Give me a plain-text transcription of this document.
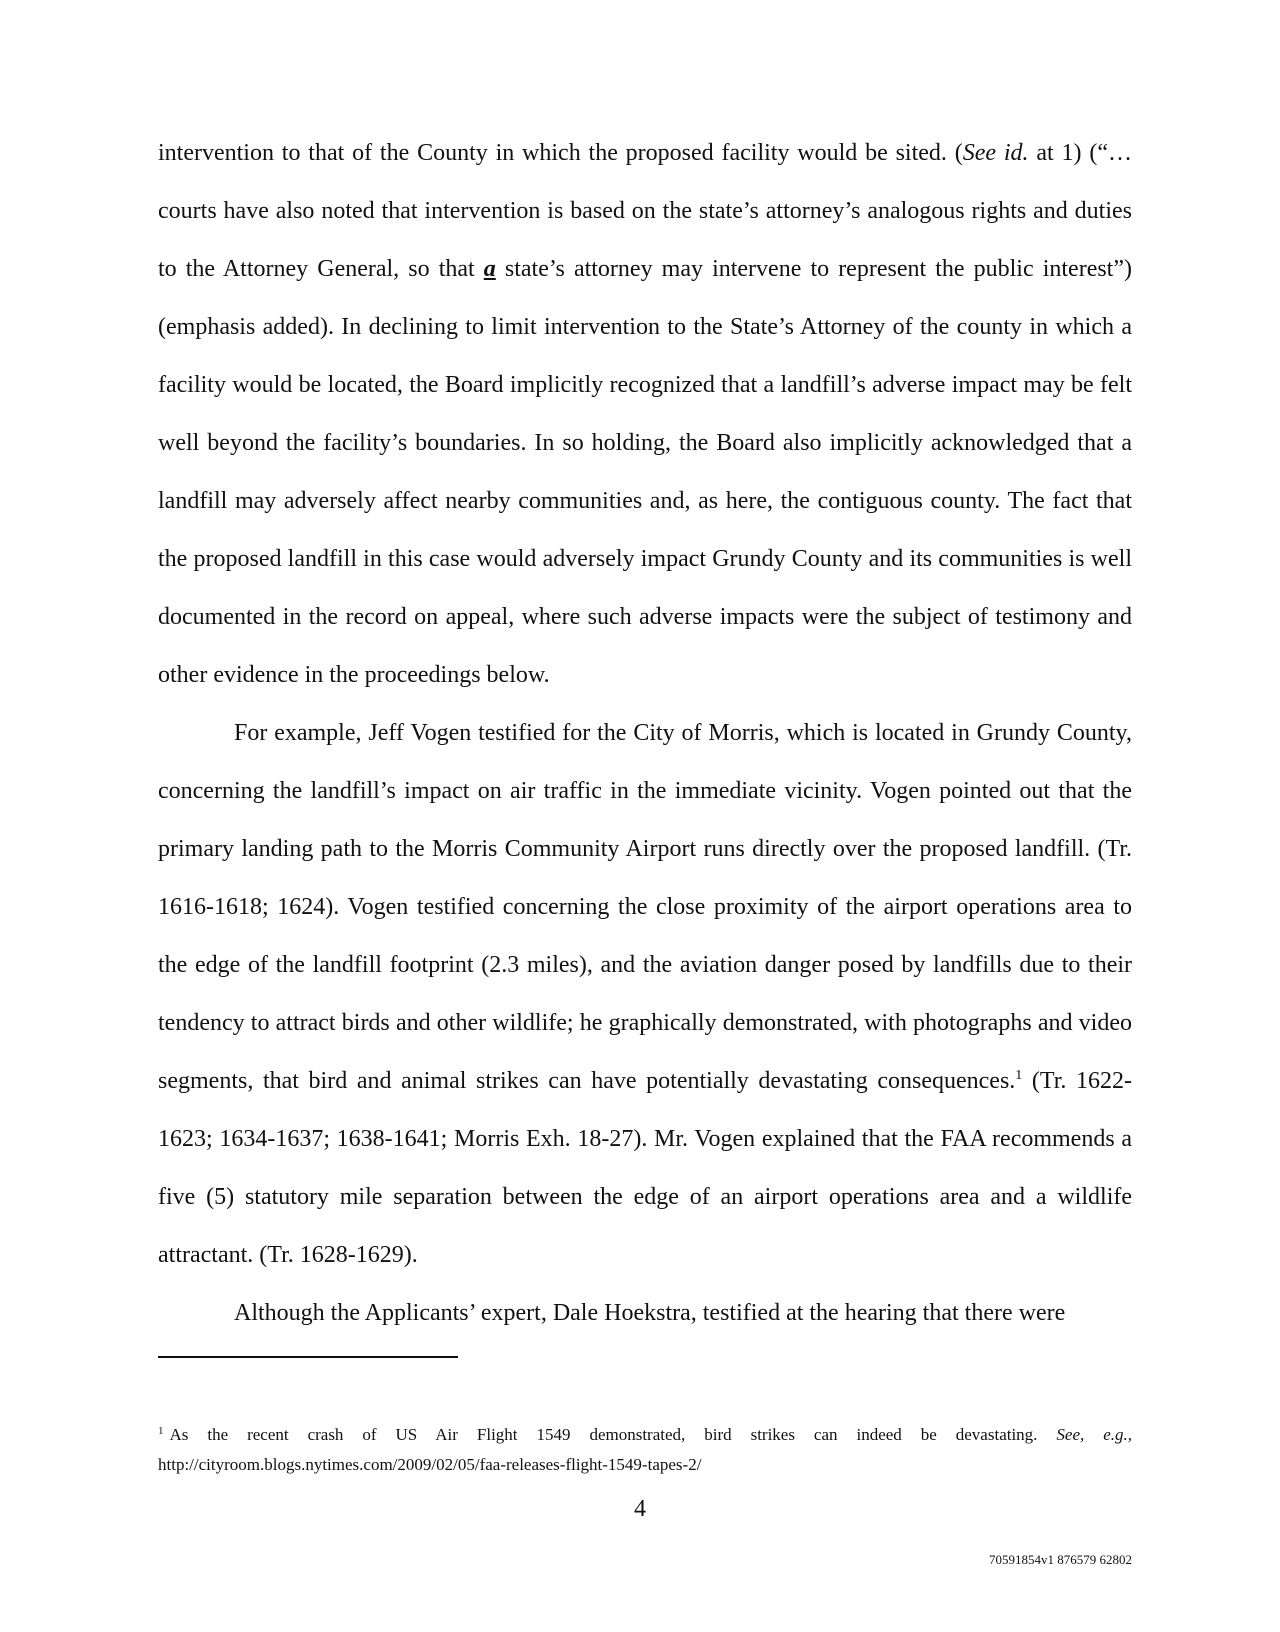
intervention to that of the County in which the proposed facility would be sited. (See id. at 1) (“…courts have also noted that intervention is based on the state’s attorney’s analogous rights and duties to the Attorney General, so that a state’s attorney may intervene to represent the public interest”)(emphasis added). In declining to limit intervention to the State’s Attorney of the county in which a facility would be located, the Board implicitly recognized that a landfill’s adverse impact may be felt well beyond the facility’s boundaries. In so holding, the Board also implicitly acknowledged that a landfill may adversely affect nearby communities and, as here, the contiguous county. The fact that the proposed landfill in this case would adversely impact Grundy County and its communities is well documented in the record on appeal, where such adverse impacts were the subject of testimony and other evidence in the proceedings below.

For example, Jeff Vogen testified for the City of Morris, which is located in Grundy County, concerning the landfill’s impact on air traffic in the immediate vicinity. Vogen pointed out that the primary landing path to the Morris Community Airport runs directly over the proposed landfill. (Tr. 1616-1618; 1624). Vogen testified concerning the close proximity of the airport operations area to the edge of the landfill footprint (2.3 miles), and the aviation danger posed by landfills due to their tendency to attract birds and other wildlife; he graphically demonstrated, with photographs and video segments, that bird and animal strikes can have potentially devastating consequences.$^1$ (Tr. 1622-1623; 1634-1637; 1638-1641; Morris Exh. 18-27). Mr. Vogen explained that the FAA recommends a five (5) statutory mile separation between the edge of an airport operations area and a wildlife attractant. (Tr. 1628-1629).

Although the Applicants’ expert, Dale Hoekstra, testified at the hearing that there were

$^1$ As the recent crash of US Air Flight 1549 demonstrated, bird strikes can indeed be devastating. See, e.g., http://cityroom.blogs.nytimes.com/2009/02/05/faa-releases-flight-1549-tapes-2/

4
70591854v1 876579 62802
